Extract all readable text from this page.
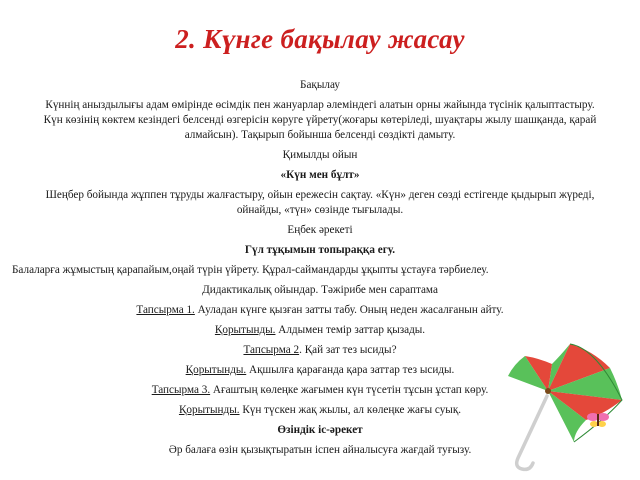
2. Күнге бақылау жасау
Бақылау
Күннің аныздылығы адам өмірінде өсімдік пен жануарлар әлеміндегі алатын орны жайында түсінік қалыптастыру. Күн көзінің көктем кезіндегі белсенді өзгерісін көруге үйрету(жоғары көтеріледі, шуақтары жылу шашқанда, қарай алмайсын). Тақырып бойынша белсенді сөздікті дамыту.
Қимылды ойын
«Күн мен бұлт»
Шеңбер бойында жұппен тұруды жалғастыру, ойын ережесін сақтау. «Күн» деген сөзді естігенде қыдырып жүреді, ойнайды, «түн» сөзінде тығылады.
Еңбек әрекеті
Гүл тұқымын топыраққа егу.
Балаларға жұмыстың қарапайым,оңай түрін үйрету. Құрал-саймандарды ұқыпты ұстауға тәрбиелеу.
Дидактикалық ойындар. Тәжірибе мен сараптама
Тапсырма 1. Ауладан күнге қызған затты табу. Оның неден жасалғанын айту.
Қорытынды. Алдымен темір заттар қызады.
Тапсырма 2. Қай зат тез ысиды?
Қорытынды. Ақшылға қарағанда қара заттар тез ысиды.
Тапсырма 3. Ағаштың көлеңке жағымен күн түсетін тұсын ұстап көру.
Қорытынды. Күн түскен жақ жылы, ал көлеңке жағы суық.
Өзіндік іс-әрекет
Әр балаға өзін қызықтыратын іспен айналысуға жағдай туғызу.
